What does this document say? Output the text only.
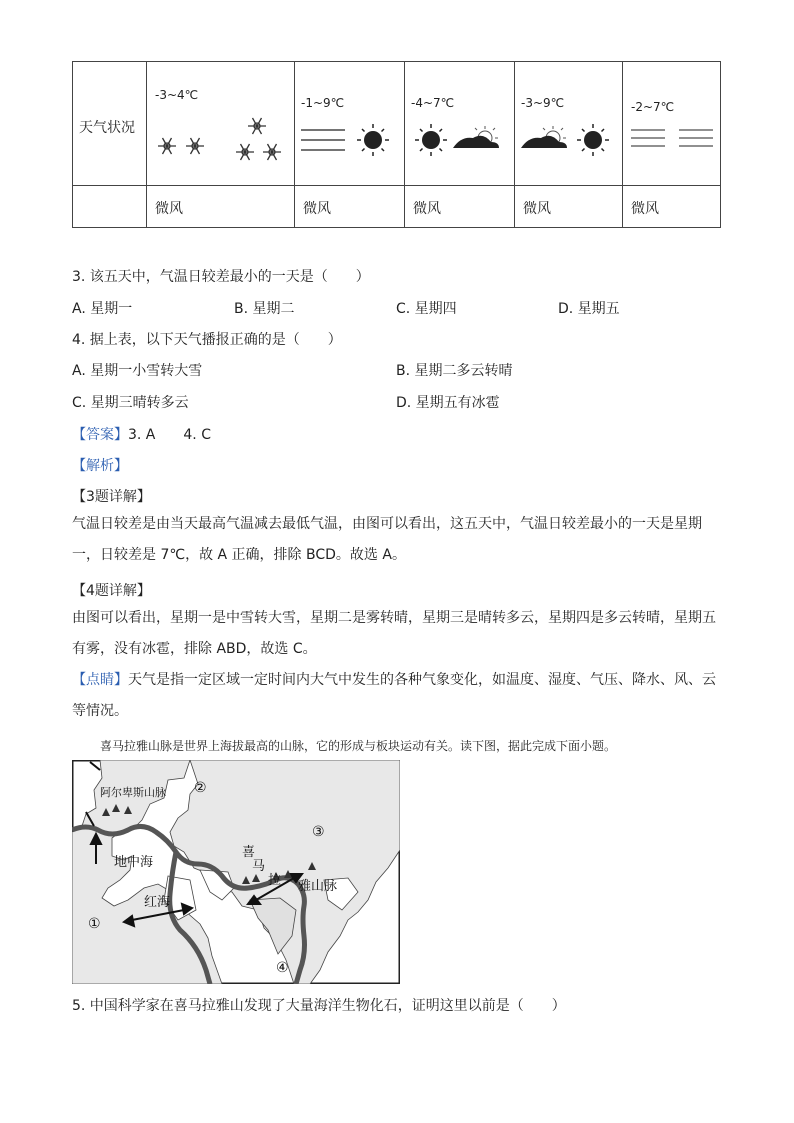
天气状况	-3~4℃	-1~9℃	-4~7℃	-3~9℃	-2~7℃

	微风	微风	微风	微风	微风
3. 该五天中，气温日较差最小的一天是（　　）
A. 星期一	B. 星期二	C. 星期四	D. 星期五
4. 据上表，以下天气播报正确的是（　　）
A. 星期一小雪转大雪	B. 星期二多云转晴
C. 星期三晴转多云	D. 星期五有冰雹
【答案】3. A　　4. C
【解析】
【3题详解】
气温日较差是由当天最高气温减去最低气温，由图可以看出，这五天中，气温日较差最小的一天是星期一，日较差是 7℃，故 A 正确，排除 BCD。故选 A。
【4题详解】
由图可以看出，星期一是中雪转大雪，星期二是雾转晴，星期三是晴转多云，星期四是多云转晴，星期五有雾，没有冰雹，排除 ABD，故选 C。
【点睛】天气是指一定区域一定时间内大气中发生的各种气象变化，如温度、湿度、气压、降水、风、云等情况。
喜马拉雅山脉是世界上海拔最高的山脉，它的形成与板块运动有关。读下图，据此完成下面小题。
阿尔卑斯山脉
地中海
红海
喜
马
拉 雅山脉
②
③
①
④
5. 中国科学家在喜马拉雅山发现了大量海洋生物化石，证明这里以前是（　　）
